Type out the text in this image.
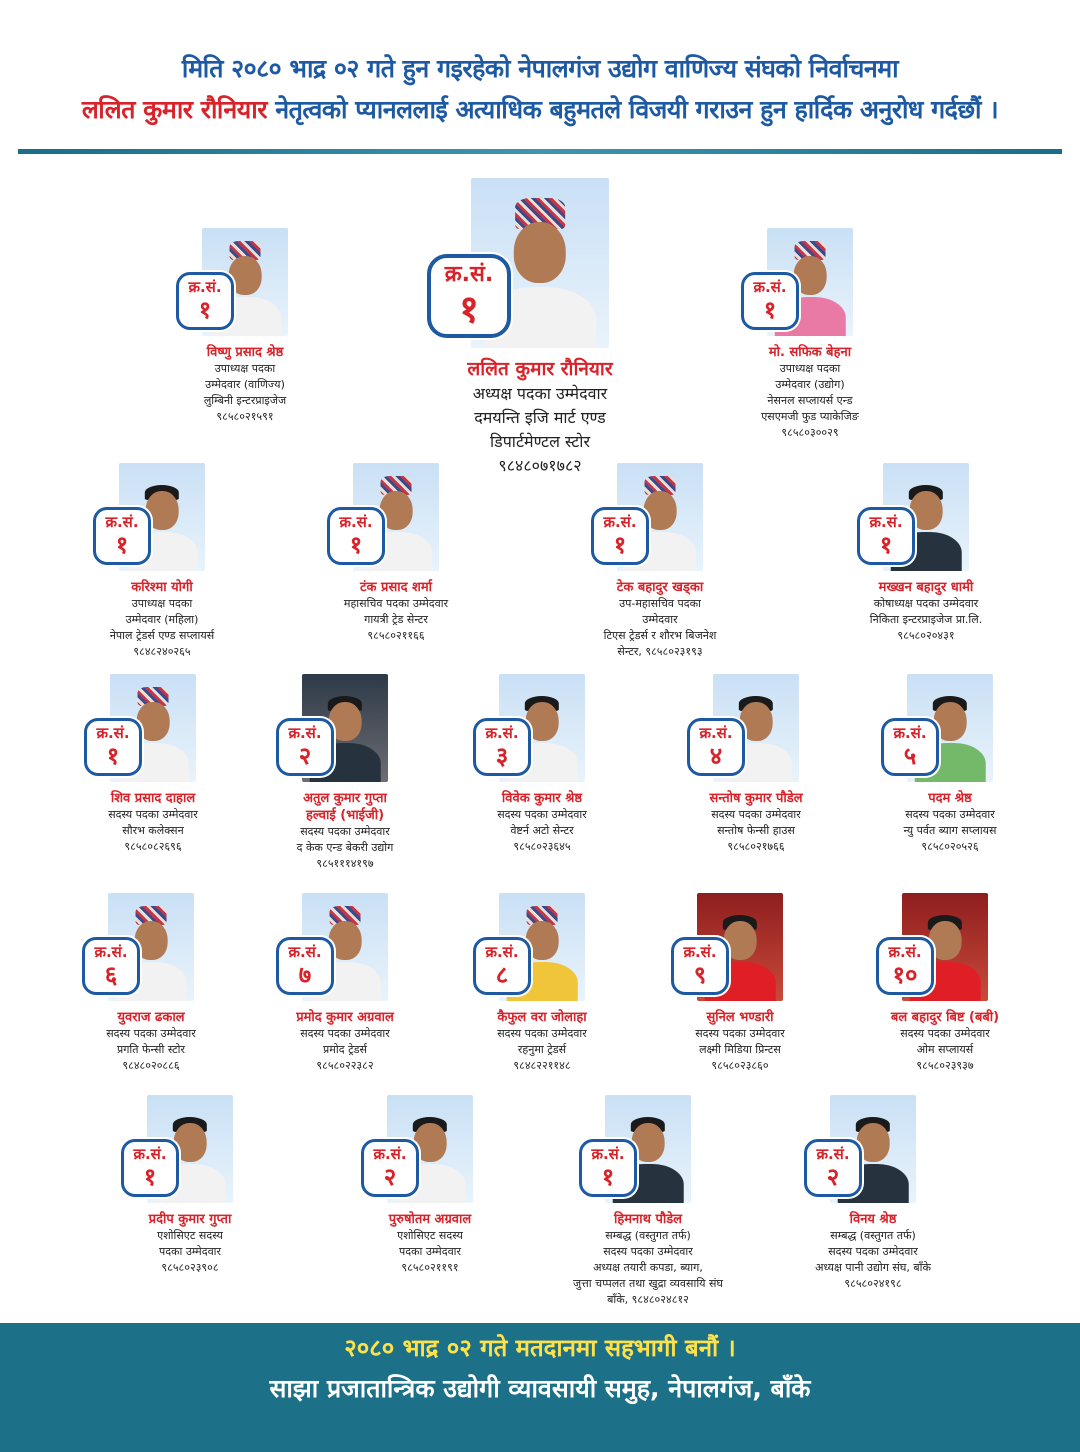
मिति २०८० भाद्र ०२ गते हुन गइरहेको नेपालगंज उद्योग वाणिज्य संघको निर्वाचनमा
ललित कुमार रौनियार नेतृत्वको प्यानललाई अत्याधिक बहुमतले विजयी गराउन हुन हार्दिक अनुरोध गर्दछौं ।
क्र.सं.
१
ललित कुमार रौनियार
अध्यक्ष पदका उम्मेदवार
दमयन्ति इजि मार्ट एण्ड
डिपार्टमेण्टल स्टोर
९८४८०७१७८२
क्र.सं.
१
विष्णु प्रसाद श्रेष्ठ
उपाध्यक्ष पदका
उम्मेदवार (वाणिज्य)
लुम्बिनी इन्टरप्राइजेज
९८५८०२१५९१
क्र.सं.
१
मो. सफिक बेहना
उपाध्यक्ष पदका
उम्मेदवार (उद्योग)
नेसनल सप्लायर्स एन्ड
एसएमजी फुड प्याकेजिङ
९८५८०३००२९
क्र.सं.
१
करिश्मा योगी
उपाध्यक्ष पदका
उम्मेदवार (महिला)
नेपाल ट्रेडर्स एण्ड सप्लायर्स
९८४८२४०२६५
क्र.सं.
१
टंक प्रसाद शर्मा
महासचिव पदका उम्मेदवार
गायत्री ट्रेड सेन्टर
९८५८०२११६६
क्र.सं.
१
टेक बहादुर खड्का
उप-महासचिव पदका
उम्मेदवार
टिएस ट्रेडर्स र शौरभ बिजनेश
सेन्टर, ९८५८०२३१९३
क्र.सं.
१
मख्खन बहादुर धामी
कोषाध्यक्ष पदका उम्मेदवार
निकिता इन्टरप्राइजेज प्रा.लि.
९८५८०२०४३१
क्र.सं.
१
शिव प्रसाद दाहाल
सदस्य पदका उम्मेदवार
सौरभ कलेक्सन
९८५८०८२६९६
क्र.सं.
२
अतुल कुमार गुप्ता
हल्वाई (भाईजी)
सदस्य पदका उम्मेदवार
द केक एन्ड बेकरी उद्योग
९८५१११४१९७
क्र.सं.
३
विवेक कुमार श्रेष्ठ
सदस्य पदका उम्मेदवार
वेष्टर्न अटो सेन्टर
९८५८०२३६४५
क्र.सं.
४
सन्तोष कुमार पौडेल
सदस्य पदका उम्मेदवार
सन्तोष फेन्सी हाउस
९८५८०२१७६६
क्र.सं.
५
पदम श्रेष्ठ
सदस्य पदका उम्मेदवार
न्यु पर्वत ब्याग सप्लायस
९८५८०२०५२६
क्र.सं.
६
युवराज ढकाल
सदस्य पदका उम्मेदवार
प्रगति फेन्सी स्टोर
९८४८०२०८८६
क्र.सं.
७
प्रमोद कुमार अग्रवाल
सदस्य पदका उम्मेदवार
प्रमोद ट्रेडर्स
९८५८०२२३८२
क्र.सं.
८
कैफुल वरा जोलाहा
सदस्य पदका उम्मेदवार
रहनुमा ट्रेडर्स
९८४८२२११४८
क्र.सं.
९
सुनिल भण्डारी
सदस्य पदका उम्मेदवार
लक्ष्मी मिडिया प्रिन्टस
९८५८०२३८६०
क्र.सं.
१०
बल बहादुर बिष्ट (बबी)
सदस्य पदका उम्मेदवार
ओम सप्लायर्स
९८५८०२३९३७
क्र.सं.
१
प्रदीप कुमार गुप्ता
एशोसिएट सदस्य
पदका उम्मेदवार
९८५८०२३९०८
क्र.सं.
२
पुरुषोतम अग्रवाल
एशोसिएट सदस्य
पदका उम्मेदवार
९८५८०२११९१
क्र.सं.
१
हिमनाथ पौडेल
सम्बद्ध (वस्तुगत तर्फ)
सदस्य पदका उम्मेदवार
अध्यक्ष तयारी कपडा, ब्याग,
जुत्ता चप्पलत तथा खुद्रा व्यवसायि संघ
बाँके, ९८४८०२४८१२
क्र.सं.
२
विनय श्रेष्ठ
सम्बद्ध (वस्तुगत तर्फ)
सदस्य पदका उम्मेदवार
अध्यक्ष पानी उद्योग संघ, बाँके
९८५८०२४१९८
२०८० भाद्र ०२ गते मतदानमा सहभागी बनौं ।
साझा प्रजातान्त्रिक उद्योगी व्यावसायी समुह, नेपालगंज, बाँके
